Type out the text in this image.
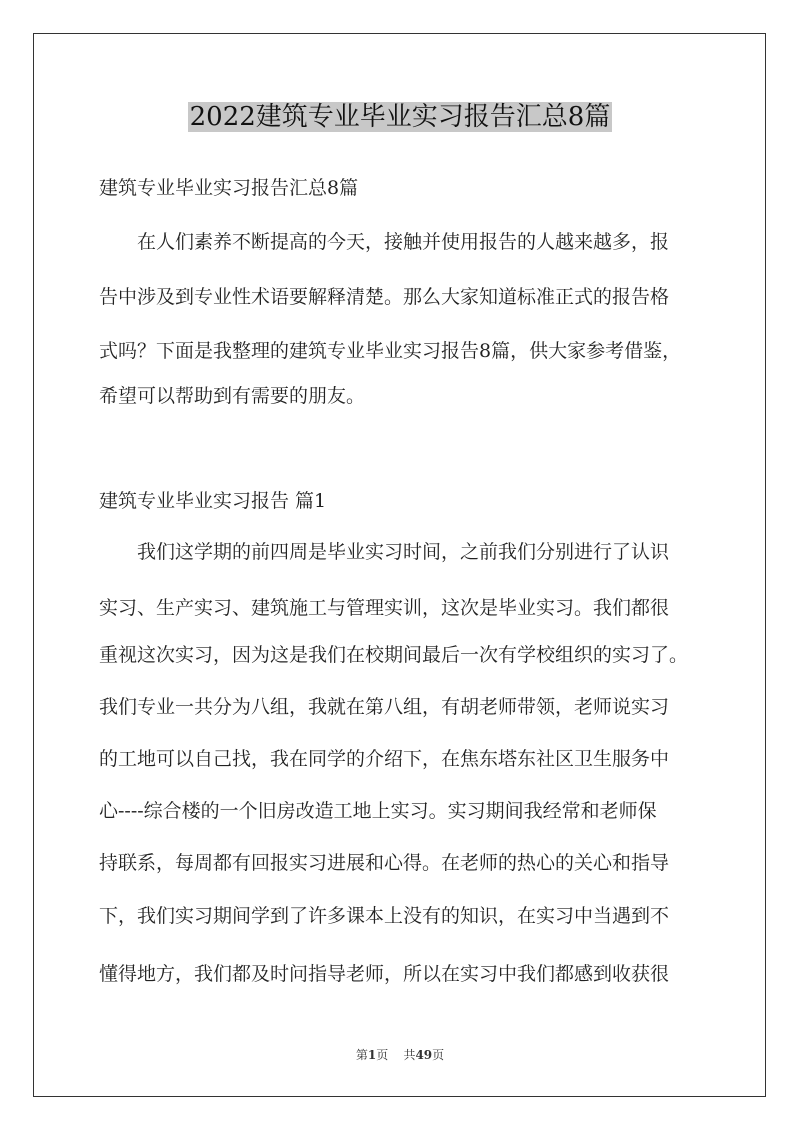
2022建筑专业毕业实习报告汇总8篇
建筑专业毕业实习报告汇总8篇
在人们素养不断提高的今天，接触并使用报告的人越来越多，报
告中涉及到专业性术语要解释清楚。那么大家知道标准正式的报告格
式吗？下面是我整理的建筑专业毕业实习报告8篇，供大家参考借鉴，
希望可以帮助到有需要的朋友。
建筑专业毕业实习报告 篇1
我们这学期的前四周是毕业实习时间，之前我们分别进行了认识
实习、生产实习、建筑施工与管理实训，这次是毕业实习。我们都很
重视这次实习，因为这是我们在校期间最后一次有学校组织的实习了。
我们专业一共分为八组，我就在第八组，有胡老师带领，老师说实习
的工地可以自己找，我在同学的介绍下，在焦东塔东社区卫生服务中
心----综合楼的一个旧房改造工地上实习。实习期间我经常和老师保
持联系，每周都有回报实习进展和心得。在老师的热心的关心和指导
下，我们实习期间学到了许多课本上没有的知识，在实习中当遇到不
懂得地方，我们都及时问指导老师，所以在实习中我们都感到收获很
第1页    共49页
